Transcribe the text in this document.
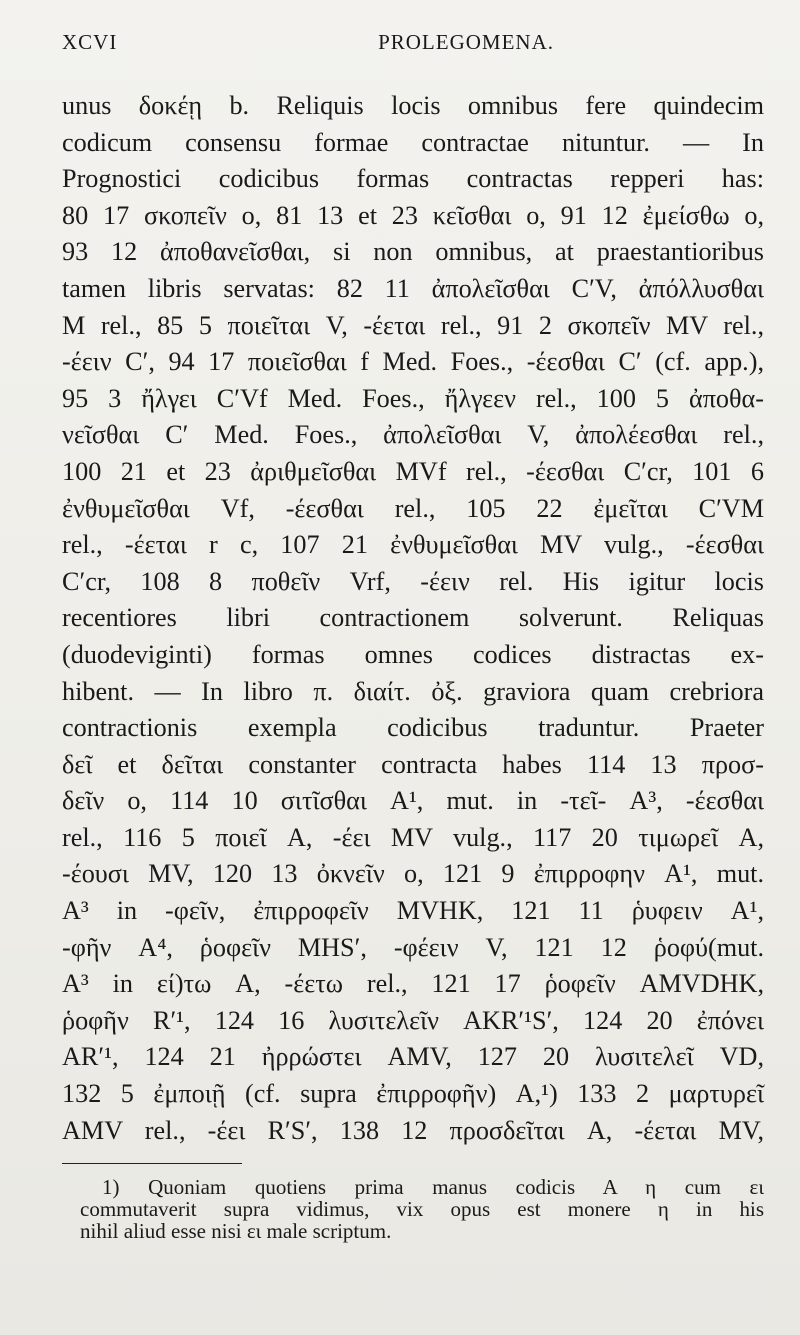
XCVI	PROLEGOMENA.
unus δοκέῃ b. Reliquis locis omnibus fere quindecim
codicum consensu formae contractae nituntur. — In
Prognostici codicibus formas contractas repperi has:
80 17 σκοπεῖν o, 81 13 et 23 κεῖσθαι o, 91 12 ἐμείσθω o,
93 12 ἀποθανεῖσθαι, si non omnibus, at praestantioribus
tamen libris servatas: 82 11 ἀπολεῖσθαι C′V, ἀπόλλυσθαι
M rel., 85 5 ποιεῖται V, -έεται rel., 91 2 σκοπεῖν MV rel.,
-έειν C′, 94 17 ποιεῖσθαι f Med. Foes., -έεσθαι C′ (cf. app.),
95 3 ἤλγει C′Vf Med. Foes., ἤλγεεν rel., 100 5 ἀποθα-
νεῖσθαι C′ Med. Foes., ἀπολεῖσθαι V, ἀπολέεσθαι rel.,
100 21 et 23 ἀριθμεῖσθαι MVf rel., -έεσθαι C′cr, 101 6
ἐνθυμεῖσθαι Vf, -έεσθαι rel., 105 22 ἐμεῖται C′VM
rel., -έεται r c, 107 21 ἐνθυμεῖσθαι MV vulg., -έεσθαι
C′cr, 108 8 ποθεῖν Vrf, -έειν rel. His igitur locis
recentiores libri contractionem solverunt. Reliquas
(duodeviginti) formas omnes codices distractas ex-
hibent. — In libro π. διαίτ. ὀξ. graviora quam crebriora
contractionis exempla codicibus traduntur. Praeter
δεῖ et δεῖται constanter contracta habes 114 13 προσ-
δεῖν o, 114 10 σιτῖσθαι A¹, mut. in -τεῖ- A³, -έεσθαι
rel., 116 5 ποιεῖ A, -έει MV vulg., 117 20 τιμωρεῖ A,
-έουσι MV, 120 13 ὀκνεῖν o, 121 9 ἐπιρροφην A¹, mut.
A³ in -φεῖν, ἐπιρροφεῖν MVHK, 121 11 ῥυφειν A¹,
-φῆν A⁴, ῥοφεῖν MHS′, -φέειν V, 121 12 ῥοφύ(mut.
A³ in εί)τω A, -έετω rel., 121 17 ῥοφεῖν AMVDHK,
ῥοφῆν R′¹, 124 16 λυσιτελεῖν AKR′¹S′, 124 20 ἐπόνει
AR′¹, 124 21 ἠρρώστει AMV, 127 20 λυσιτελεῖ VD,
132 5 ἐμποιῇ (cf. supra ἐπιρροφῆν) A,¹) 133 2 μαρτυρεῖ
AMV rel., -έει R′S′, 138 12 προσδεῖται A, -έεται MV,
1) Quoniam quotiens prima manus codicis A η cum ει
commutaverit supra vidimus, vix opus est monere η in his
nihil aliud esse nisi ει male scriptum.
